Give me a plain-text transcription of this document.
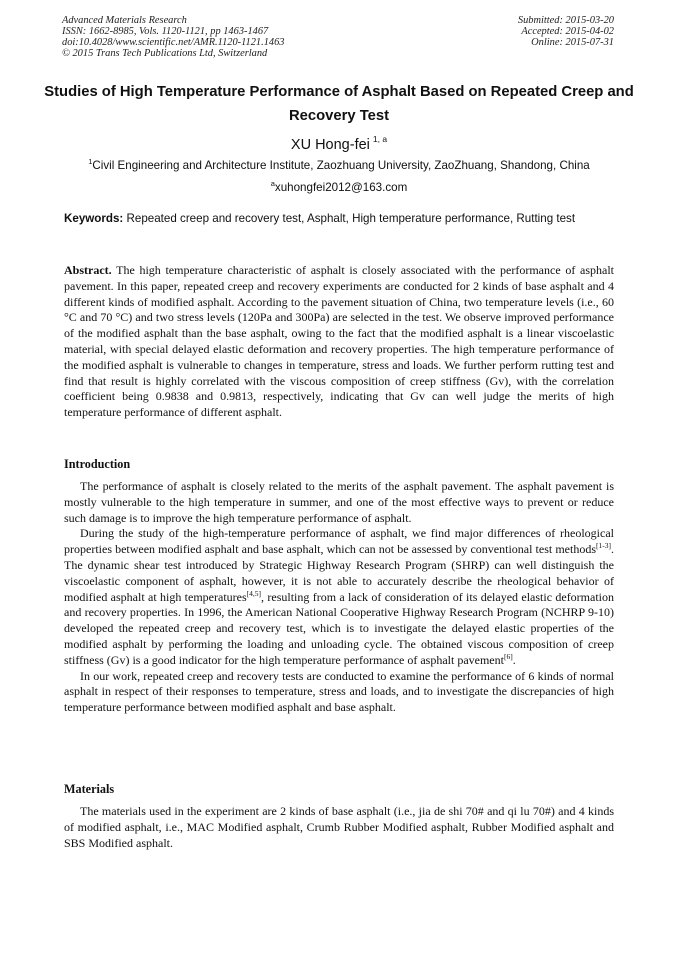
Advanced Materials Research
ISSN: 1662-8985, Vols. 1120-1121, pp 1463-1467
doi:10.4028/www.scientific.net/AMR.1120-1121.1463
© 2015 Trans Tech Publications Ltd, Switzerland
Submitted: 2015-03-20
Accepted: 2015-04-02
Online: 2015-07-31
Studies of High Temperature Performance of Asphalt Based on Repeated Creep and Recovery Test
XU Hong-fei $^{1, a}$
$^1$Civil Engineering and Architecture Institute, Zaozhuang University, ZaoZhuang, Shandong, China
$^a$xuhongfei2012@163.com
Keywords: Repeated creep and recovery test, Asphalt, High temperature performance, Rutting test

Abstract. The high temperature characteristic of asphalt is closely associated with the performance of asphalt pavement. In this paper, repeated creep and recovery experiments are conducted for 2 kinds of base asphalt and 4 different kinds of modified asphalt. According to the pavement situation of China, two temperature levels (i.e., 60 °C and 70 °C) and two stress levels (120Pa and 300Pa) are selected in the test. We observe improved performance of the modified asphalt than the base asphalt, owing to the fact that the modified asphalt is a linear viscoelastic material, with special delayed elastic deformation and recovery properties. The high temperature performance of the modified asphalt is vulnerable to changes in temperature, stress and loads. We further perform rutting test and find that result is highly correlated with the viscous composition of creep stiffness (Gv), with the correlation coefficient being 0.9838 and 0.9813, respectively, indicating that Gv can well judge the merits of high temperature performance of different asphalt.

Introduction

The performance of asphalt is closely related to the merits of the asphalt pavement. The asphalt pavement is mostly vulnerable to the high temperature in summer, and one of the most effective ways to prevent or reduce such damage is to improve the high temperature performance of asphalt.

During the study of the high-temperature performance of asphalt, we find major differences of rheological properties between modified asphalt and base asphalt, which can not be assessed by conventional test methods[1-3]. The dynamic shear test introduced by Strategic Highway Research Program (SHRP) can well distinguish the viscoelastic component of asphalt, however, it is not able to accurately describe the rheological behavior of modified asphalt at high temperatures[4,5], resulting from a lack of consideration of its delayed elastic deformation and recovery properties. In 1996, the American National Cooperative Highway Research Program (NCHRP 9-10) developed the repeated creep and recovery test, which is to investigate the delayed elastic properties of the modified asphalt by performing the loading and unloading cycle. The obtained viscous composition of creep stiffness (Gv) is a good indicator for the high temperature performance of asphalt pavement[6].

In our work, repeated creep and recovery tests are conducted to examine the performance of 6 kinds of normal asphalt in respect of their responses to temperature, stress and loads, and to investigate the discrepancies of high temperature performance between modified asphalt and base asphalt.

Materials

The materials used in the experiment are 2 kinds of base asphalt (i.e., jia de shi 70# and qi lu 70#) and 4 kinds of modified asphalt, i.e., MAC Modified asphalt, Crumb Rubber Modified asphalt, Rubber Modified asphalt and SBS Modified asphalt.
